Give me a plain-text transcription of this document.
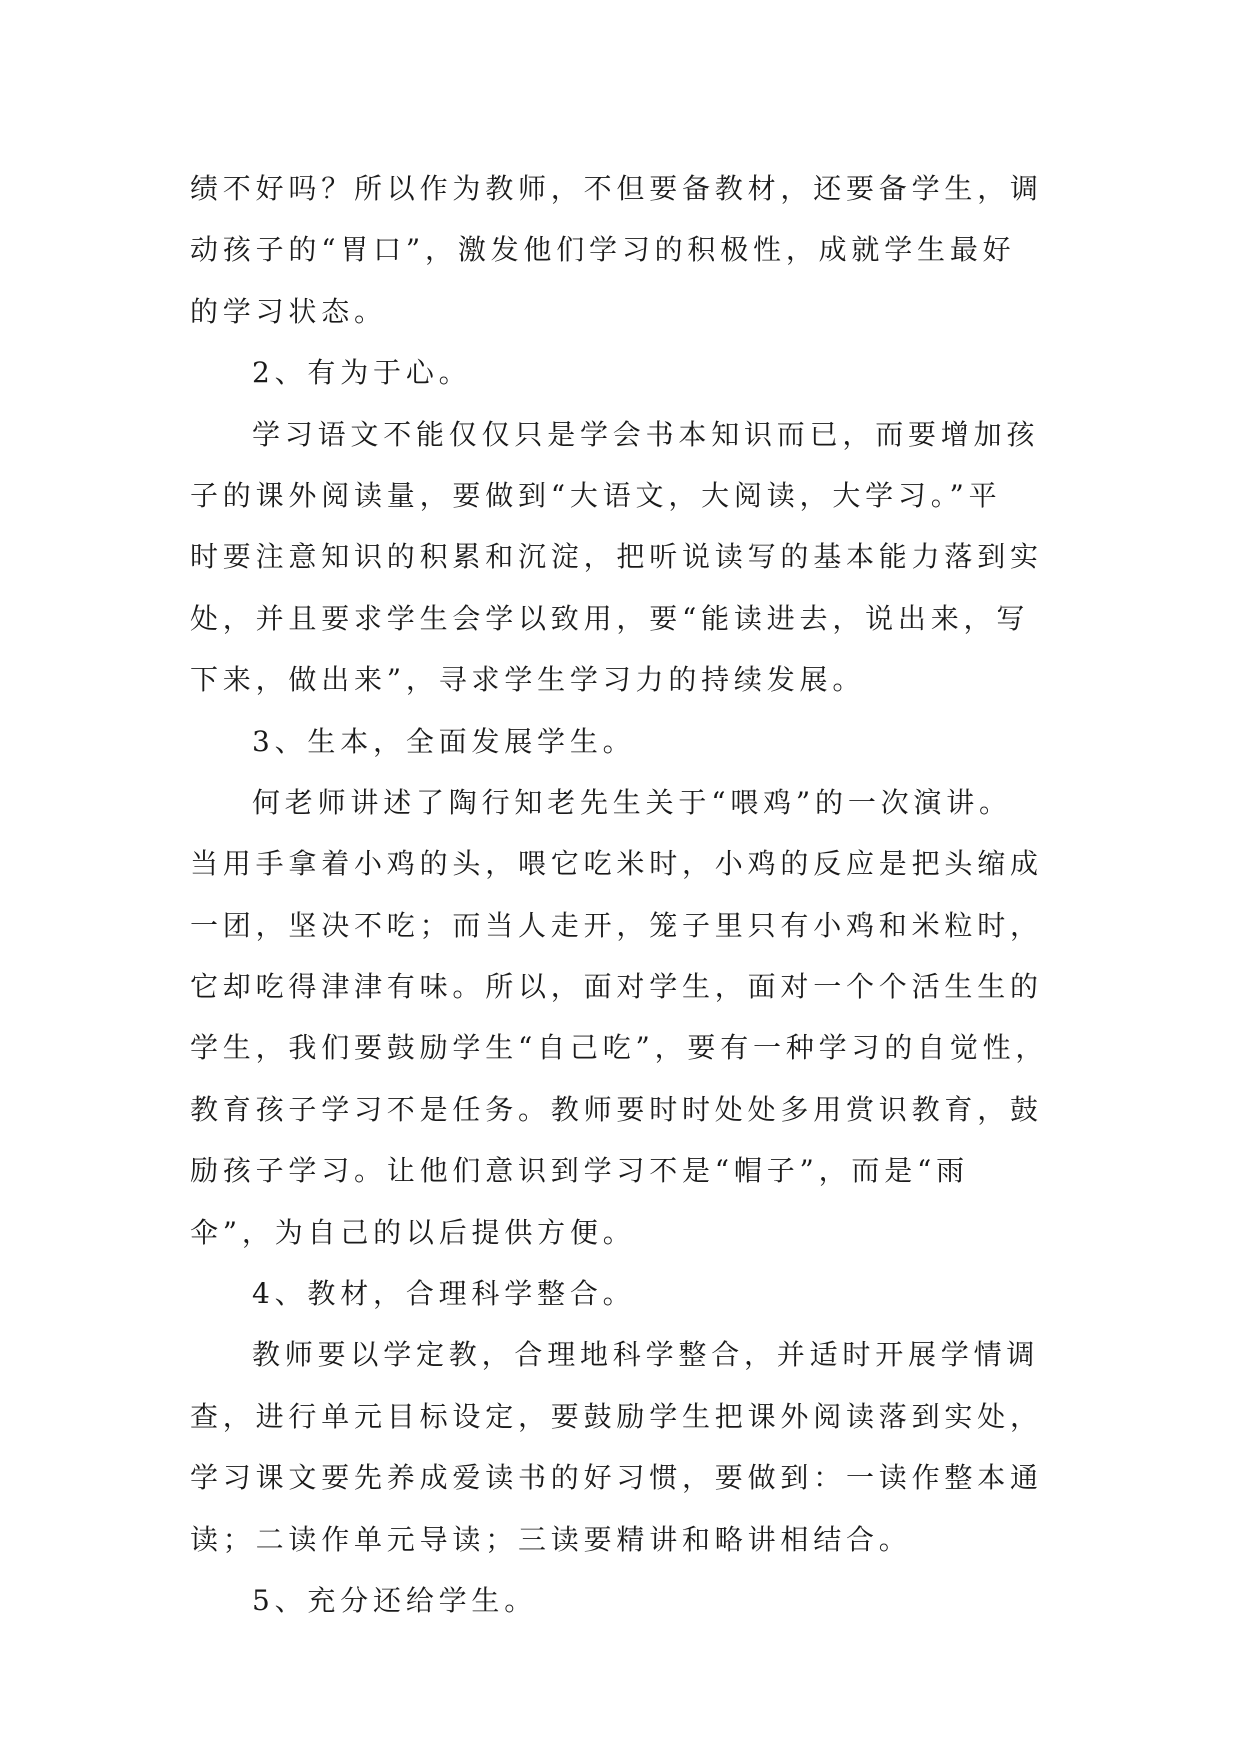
绩不好吗？所以作为教师，不但要备教材，还要备学生，调
动孩子的“胃口”，激发他们学习的积极性，成就学生最好
的学习状态。
2、有为于心。
学习语文不能仅仅只是学会书本知识而已，而要增加孩
子的课外阅读量，要做到“大语文，大阅读，大学习。”平
时要注意知识的积累和沉淀，把听说读写的基本能力落到实
处，并且要求学生会学以致用，要“能读进去，说出来，写
下来，做出来”，寻求学生学习力的持续发展。
3、生本，全面发展学生。
何老师讲述了陶行知老先生关于“喂鸡”的一次演讲。
当用手拿着小鸡的头，喂它吃米时，小鸡的反应是把头缩成
一团，坚决不吃；而当人走开，笼子里只有小鸡和米粒时，
它却吃得津津有味。所以，面对学生，面对一个个活生生的
学生，我们要鼓励学生“自己吃”，要有一种学习的自觉性，
教育孩子学习不是任务。教师要时时处处多用赏识教育，鼓
励孩子学习。让他们意识到学习不是“帽子”，而是“雨
伞”，为自己的以后提供方便。
4、教材，合理科学整合。
教师要以学定教，合理地科学整合，并适时开展学情调
查，进行单元目标设定，要鼓励学生把课外阅读落到实处，
学习课文要先养成爱读书的好习惯，要做到：一读作整本通
读；二读作单元导读；三读要精讲和略讲相结合。
5、充分还给学生。
